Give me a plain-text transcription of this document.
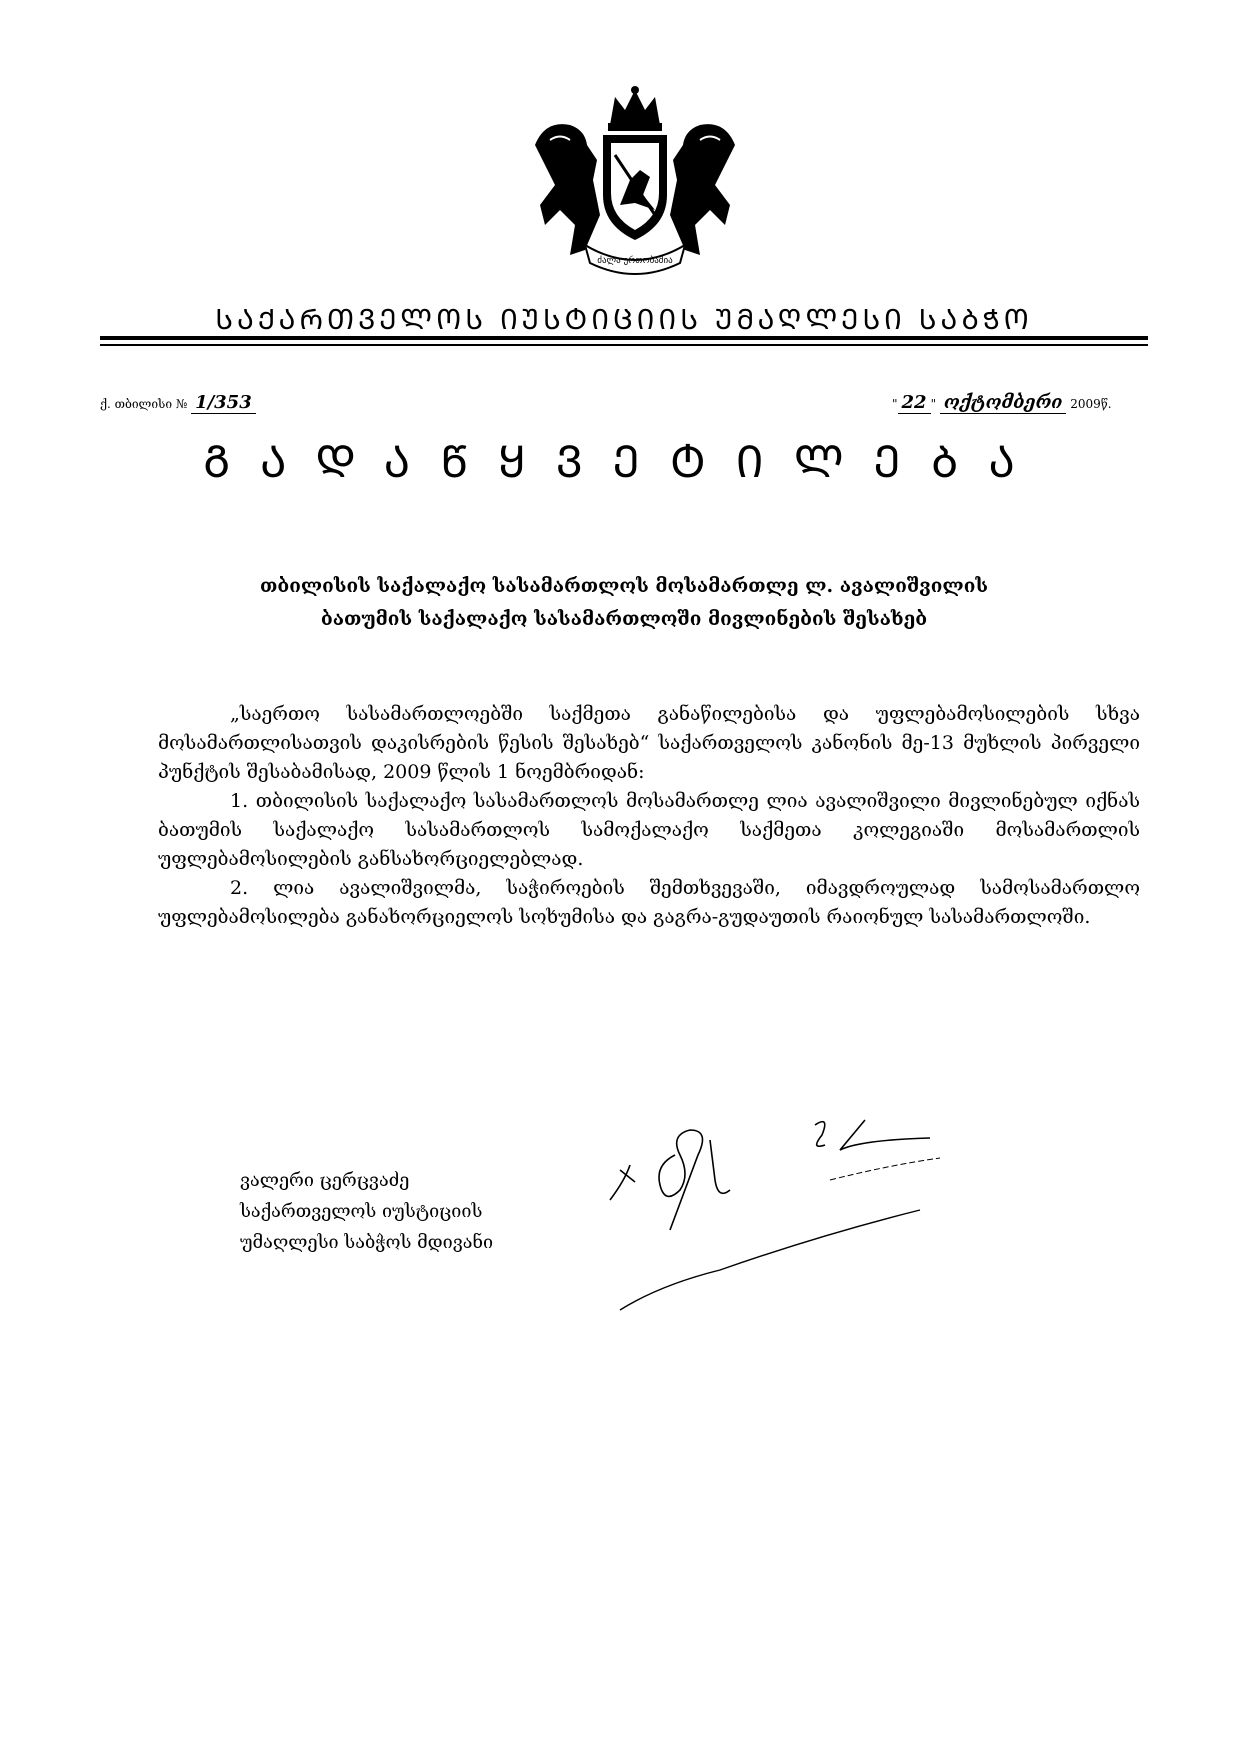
ძალა ერთობაშია
ᲡᲐᲥᲐᲠᲗᲕᲔᲚᲝᲡ ᲘᲣᲡᲢᲘᲪᲘᲘᲡ ᲣᲛᲐᲦᲚᲔᲡᲘ ᲡᲐᲑᲭᲝ
ქ. თბილისი № 1/353	" 22 " ოქტომბერი 2009წ.
ᲒᲐᲓᲐᲬᲧᲕᲔᲢᲘᲚᲔᲑᲐ
თბილისის საქალაქო სასამართლოს მოსამართლე ლ. ავალიშვილის
ბათუმის საქალაქო სასამართლოში მივლინების შესახებ

„საერთო სასამართლოებში საქმეთა განაწილებისა და უფლებამოსილების სხვა მოსამართლისათვის დაკისრების წესის შესახებ“ საქართველოს კანონის მე-13 მუხლის პირველი პუნქტის შესაბამისად, 2009 წლის 1 ნოემბრიდან:

1. თბილისის საქალაქო სასამართლოს მოსამართლე ლია ავალიშვილი მივლინებულ იქნას ბათუმის საქალაქო სასამართლოს სამოქალაქო საქმეთა კოლეგიაში მოსამართლის უფლებამოსილების განსახორციელებლად.

2. ლია ავალიშვილმა, საჭიროების შემთხვევაში, იმავდროულად სამოსამართლო უფლებამოსილება განახორციელოს სოხუმისა და გაგრა-გუდაუთის რაიონულ სასამართლოში.

ვალერი ცერცვაძე
საქართველოს იუსტიციის
უმაღლესი საბჭოს მდივანი
